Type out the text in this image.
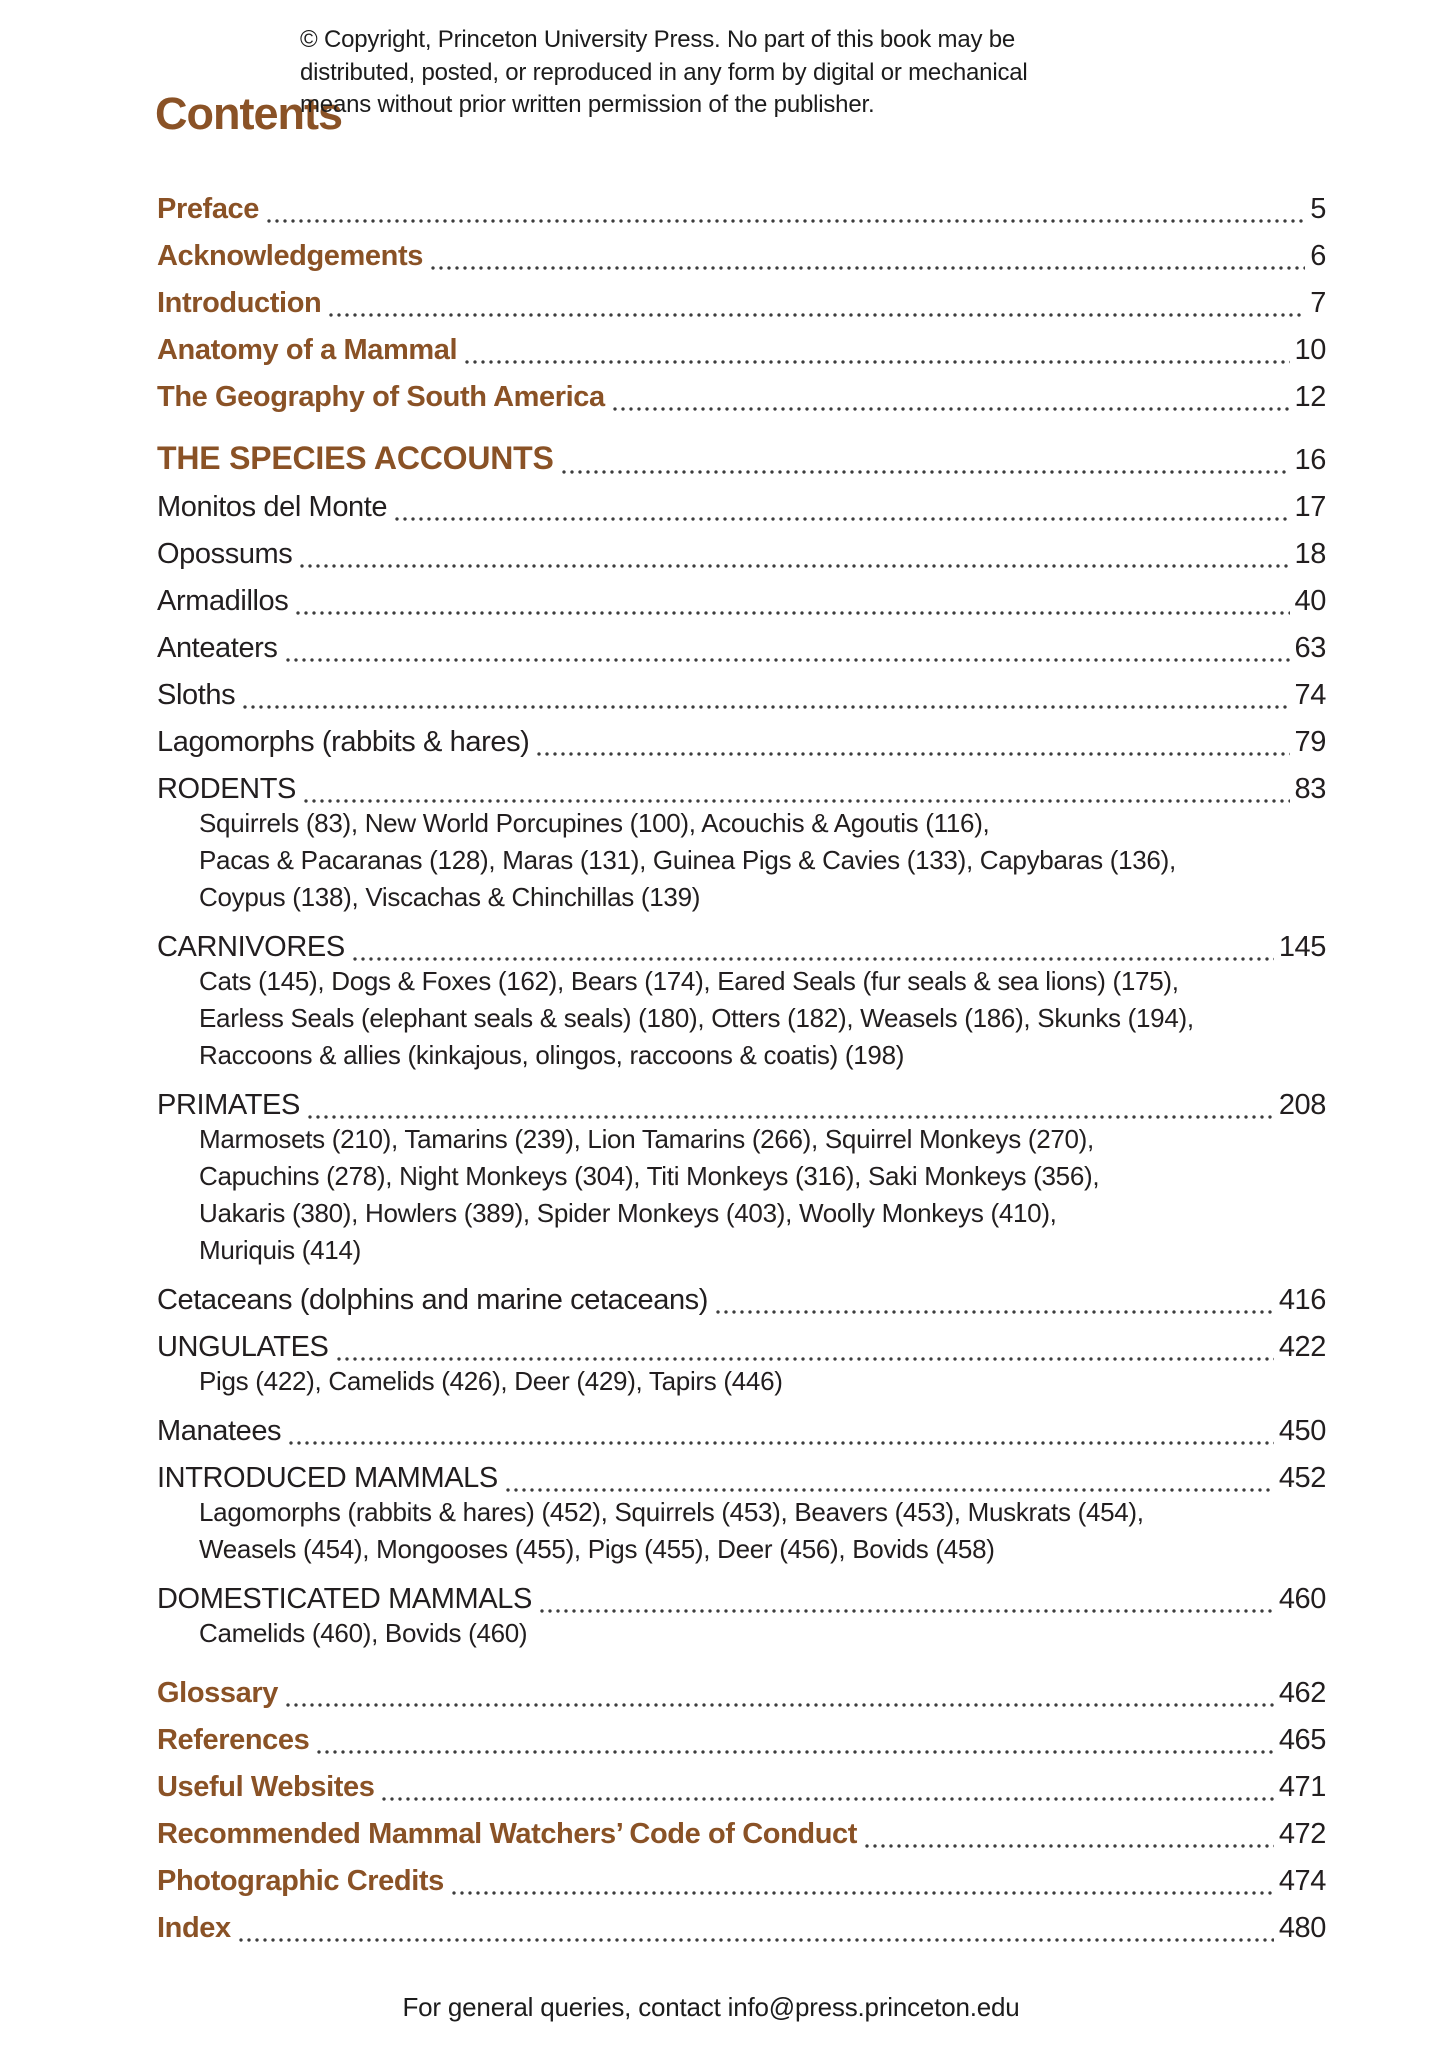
© Copyright, Princeton University Press. No part of this book may be
distributed, posted, or reproduced in any form by digital or mechanical
means without prior written permission of the publisher.
Contents
Preface	5
Acknowledgements	6
Introduction	7
Anatomy of a Mammal	10
The Geography of South America	12
THE SPECIES ACCOUNTS	16
Monitos del Monte	17
Opossums	18
Armadillos	40
Anteaters	63
Sloths	74
Lagomorphs (rabbits & hares)	79
RODENTS	83
Squirrels (83), New World Porcupines (100), Acouchis & Agoutis (116),
Pacas & Pacaranas (128), Maras (131), Guinea Pigs & Cavies (133), Capybaras (136),
Coypus (138), Viscachas & Chinchillas (139)
CARNIVORES	145
Cats (145), Dogs & Foxes (162), Bears (174), Eared Seals (fur seals & sea lions) (175),
Earless Seals (elephant seals & seals) (180), Otters (182), Weasels (186), Skunks (194),
Raccoons & allies (kinkajous, olingos, raccoons & coatis) (198)
PRIMATES	208
Marmosets (210), Tamarins (239), Lion Tamarins (266), Squirrel Monkeys (270),
Capuchins (278), Night Monkeys (304), Titi Monkeys (316), Saki Monkeys (356),
Uakaris (380), Howlers (389), Spider Monkeys (403), Woolly Monkeys (410),
Muriquis (414)
Cetaceans (dolphins and marine cetaceans)	416
UNGULATES	422
Pigs (422), Camelids (426), Deer (429), Tapirs (446)
Manatees	450
INTRODUCED MAMMALS	452
Lagomorphs (rabbits & hares) (452), Squirrels (453), Beavers (453), Muskrats (454),
Weasels (454), Mongooses (455), Pigs (455), Deer (456), Bovids (458)
DOMESTICATED MAMMALS	460
Camelids (460), Bovids (460)
Glossary	462
References	465
Useful Websites	471
Recommended Mammal Watchers’ Code of Conduct	472
Photographic Credits	474
Index	480
For general queries, contact info@press.princeton.edu
